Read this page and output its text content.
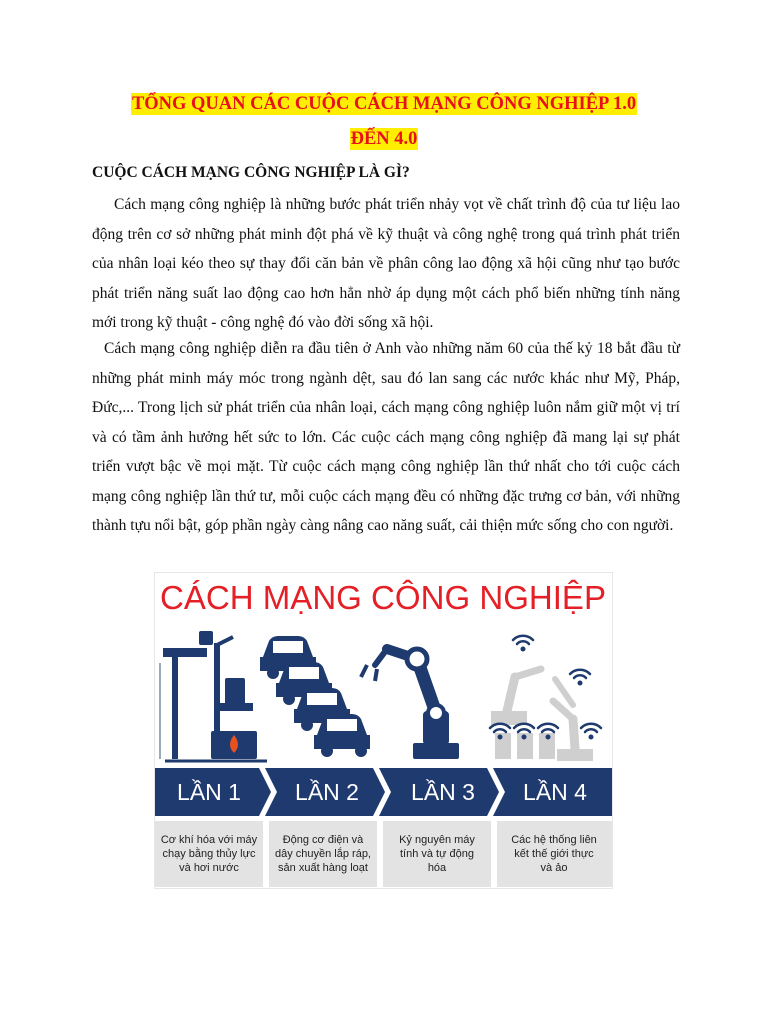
TỔNG QUAN CÁC CUỘC CÁCH MẠNG CÔNG NGHIỆP 1.0
ĐẾN 4.0
CUỘC CÁCH MẠNG CÔNG NGHIỆP LÀ GÌ?

Cách mạng công nghiệp là những bước phát triển nhảy vọt về chất trình độ của tư liệu lao động trên cơ sở những phát minh đột phá về kỹ thuật và công nghệ trong quá trình phát triển của nhân loại kéo theo sự thay đổi căn bản về phân công lao động xã hội cũng như tạo bước phát triển năng suất lao động cao hơn hẳn nhờ áp dụng một cách phổ biến những tính năng mới trong kỹ thuật - công nghệ đó vào đời sống xã hội.

Cách mạng công nghiệp diễn ra đầu tiên ở Anh vào những năm 60 của thế kỷ 18 bắt đầu từ những phát minh máy móc trong ngành dệt, sau đó lan sang các nước khác như Mỹ, Pháp, Đức,... Trong lịch sử phát triển của nhân loại, cách mạng công nghiệp luôn nắm giữ một vị trí và có tầm ảnh hưởng hết sức to lớn. Các cuộc cách mạng công nghiệp đã mang lại sự phát triển vượt bậc về mọi mặt. Từ cuộc cách mạng công nghiệp lần thứ nhất cho tới cuộc cách mạng công nghiệp lần thứ tư, mỗi cuộc cách mạng đều có những đặc trưng cơ bản, với những thành tựu nổi bật, góp phần ngày càng nâng cao năng suất, cải thiện mức sống cho con người.

CÁCH MẠNG CÔNG NGHIỆP
LẦN 1 LẦN 2 LẦN 3 LẦN 4
Cơ khí hóa với máy
chạy bằng thủy lực
và hơi nước
Động cơ điện và
dây chuyền lắp ráp,
sản xuất hàng loạt
Kỷ nguyên máy
tính và tự động
hóa
Các hệ thống liên
kết thế giới thực
và ảo
